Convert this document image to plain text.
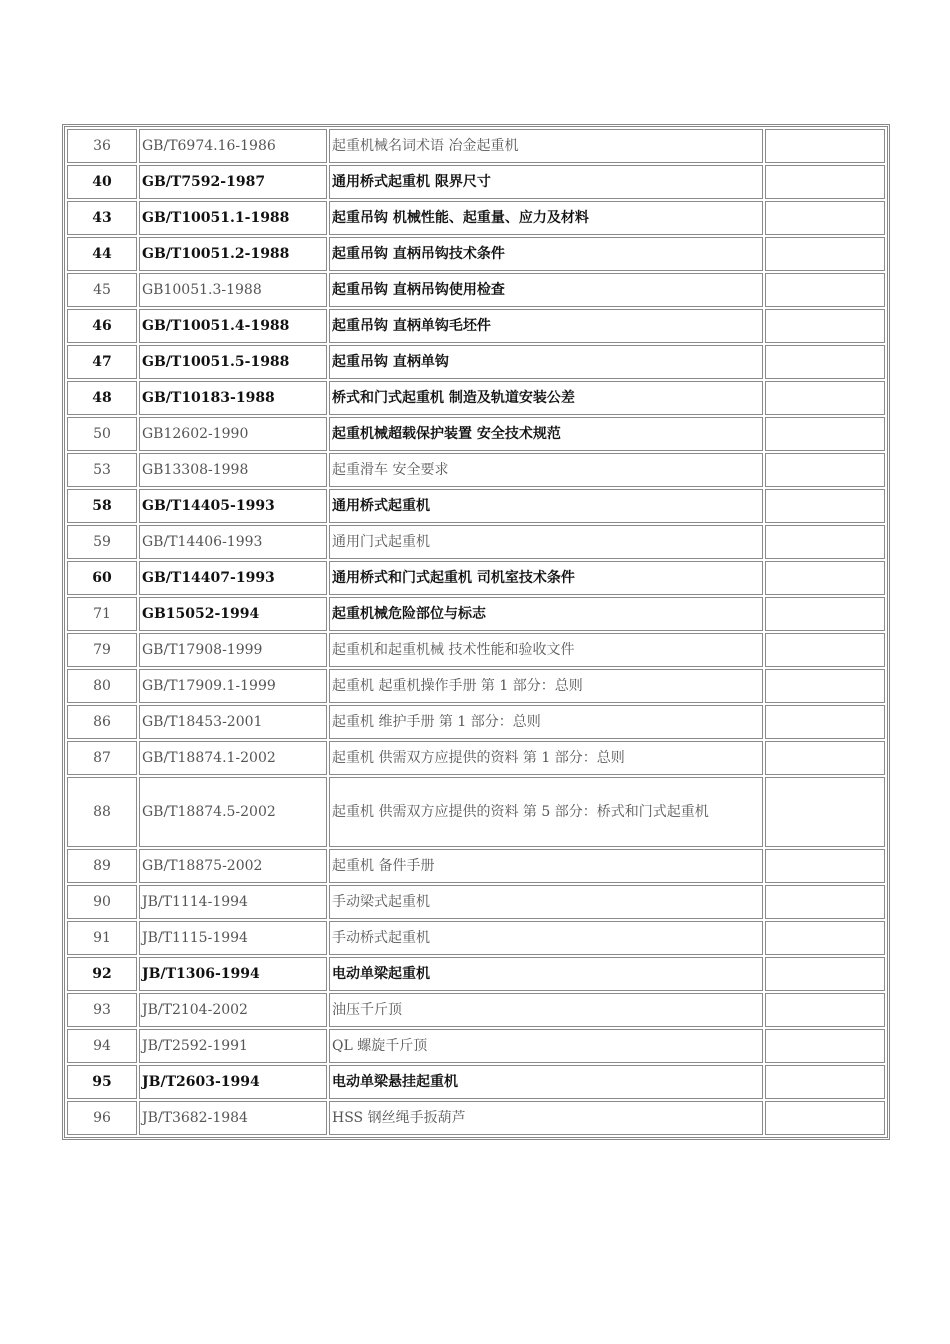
36	GB/T6974.16-1986	起重机械名词术语 冶金起重机	
40	GB/T7592-1987	通用桥式起重机 限界尺寸	
43	GB/T10051.1-1988	起重吊钩 机械性能、起重量、应力及材料	
44	GB/T10051.2-1988	起重吊钩 直柄吊钩技术条件	
45	GB10051.3-1988	起重吊钩 直柄吊钩使用检查	
46	GB/T10051.4-1988	起重吊钩 直柄单钩毛坯件	
47	GB/T10051.5-1988	起重吊钩 直柄单钩	
48	GB/T10183-1988	桥式和门式起重机 制造及轨道安装公差	
50	GB12602-1990	起重机械超载保护装置 安全技术规范	
53	GB13308-1998	起重滑车 安全要求	
58	GB/T14405-1993	通用桥式起重机	
59	GB/T14406-1993	通用门式起重机	
60	GB/T14407-1993	通用桥式和门式起重机 司机室技术条件	
71	GB15052-1994	起重机械危险部位与标志	
79	GB/T17908-1999	起重机和起重机械 技术性能和验收文件	
80	GB/T17909.1-1999	起重机 起重机操作手册 第 1 部分：总则	
86	GB/T18453-2001	起重机 维护手册 第 1 部分：总则	
87	GB/T18874.1-2002	起重机 供需双方应提供的资料 第 1 部分：总则	
88	GB/T18874.5-2002	起重机 供需双方应提供的资料 第 5 部分：桥式和门式起重机	
89	GB/T18875-2002	起重机 备件手册	
90	JB/T1114-1994	手动梁式起重机	
91	JB/T1115-1994	手动桥式起重机	
92	JB/T1306-1994	电动单梁起重机	
93	JB/T2104-2002	油压千斤顶	
94	JB/T2592-1991	QL 螺旋千斤顶	
95	JB/T2603-1994	电动单梁悬挂起重机	
96	JB/T3682-1984	HSS 钢丝绳手扳葫芦	
